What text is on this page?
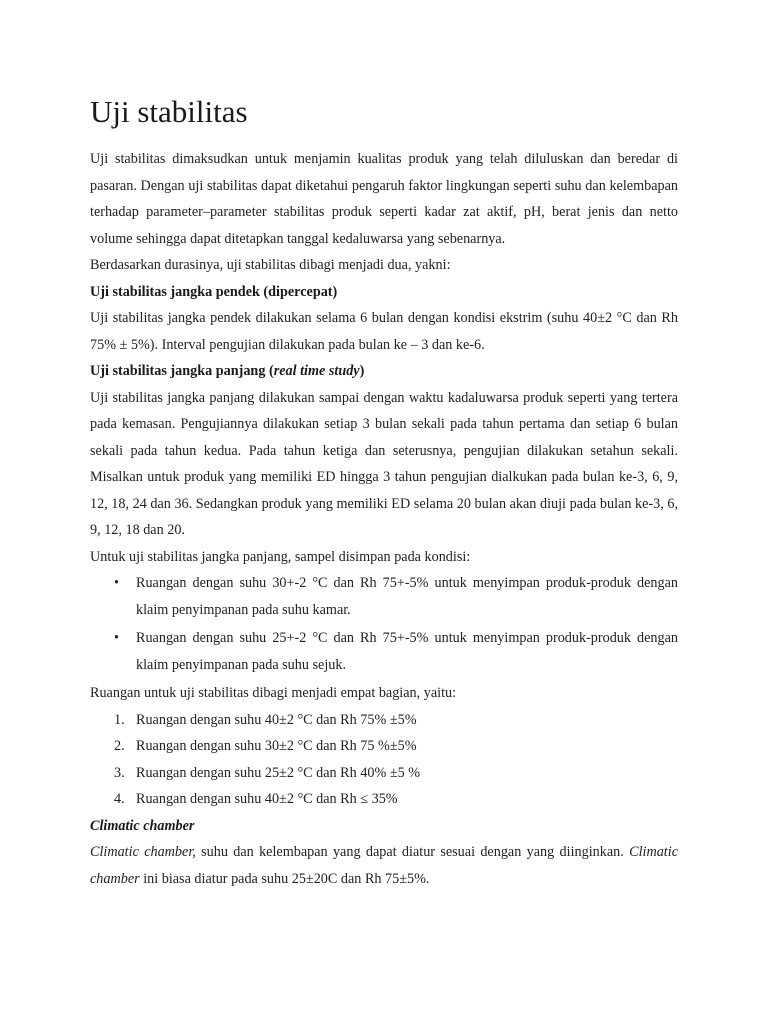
Uji stabilitas

Uji stabilitas dimaksudkan untuk menjamin kualitas produk yang telah diluluskan dan beredar di pasaran. Dengan uji stabilitas dapat diketahui pengaruh faktor lingkungan seperti suhu dan kelembapan terhadap parameter–parameter stabilitas produk seperti kadar zat aktif, pH, berat jenis dan netto volume sehingga dapat ditetapkan tanggal kedaluwarsa yang sebenarnya.

Berdasarkan durasinya, uji stabilitas dibagi menjadi dua, yakni:

Uji stabilitas jangka pendek (dipercepat)

Uji stabilitas jangka pendek dilakukan selama 6 bulan dengan kondisi ekstrim (suhu 40±2 °C dan Rh 75% ± 5%). Interval pengujian dilakukan pada bulan ke – 3 dan ke-6.

Uji stabilitas jangka panjang (real time study)

Uji stabilitas jangka panjang dilakukan sampai dengan waktu kadaluwarsa produk seperti yang tertera pada kemasan. Pengujiannya dilakukan setiap 3 bulan sekali pada tahun pertama dan setiap 6 bulan sekali pada tahun kedua. Pada tahun ketiga dan seterusnya, pengujian dilakukan setahun sekali. Misalkan untuk produk yang memiliki ED hingga 3 tahun pengujian dialkukan pada bulan ke-3, 6, 9, 12, 18, 24 dan 36. Sedangkan produk yang memiliki ED selama 20 bulan akan diuji pada bulan ke-3, 6, 9, 12, 18 dan 20.

Untuk uji stabilitas jangka panjang, sampel disimpan pada kondisi:

• Ruangan dengan suhu 30+-2 °C dan Rh 75+-5% untuk menyimpan produk-produk dengan klaim penyimpanan pada suhu kamar.
• Ruangan dengan suhu 25+-2 °C dan Rh 75+-5% untuk menyimpan produk-produk dengan klaim penyimpanan pada suhu sejuk.

Ruangan untuk uji stabilitas dibagi menjadi empat bagian, yaitu:

1. Ruangan dengan suhu 40±2 °C dan Rh 75% ±5%
2. Ruangan dengan suhu 30±2 °C dan Rh 75 %±5%
3. Ruangan dengan suhu 25±2 °C dan Rh 40% ±5 %
4. Ruangan dengan suhu 40±2 °C dan Rh ≤ 35%
Climatic chamber

Climatic chamber, suhu dan kelembapan yang dapat diatur sesuai dengan yang diinginkan. Climatic chamber ini biasa diatur pada suhu 25±20C dan Rh 75±5%.
